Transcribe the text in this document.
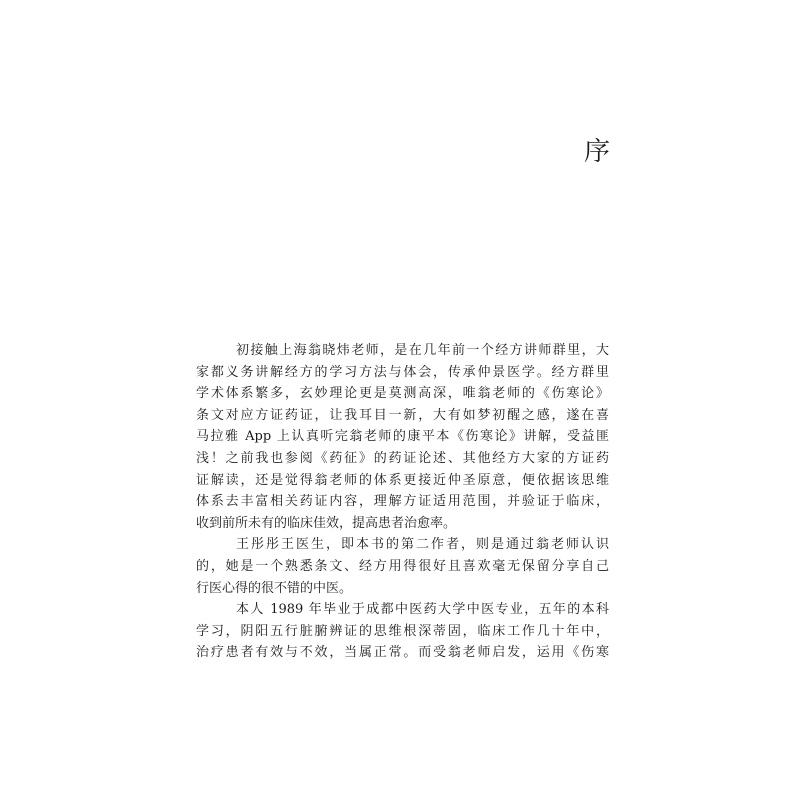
序
初接触上海翁晓炜老师，是在几年前一个经方讲师群里，大
家都义务讲解经方的学习方法与体会，传承仲景医学。经方群里
学术体系繁多，玄妙理论更是莫测高深，唯翁老师的《伤寒论》
条文对应方证药证，让我耳目一新，大有如梦初醒之感，遂在喜
马拉雅 App 上认真听完翁老师的康平本《伤寒论》讲解，受益匪
浅！之前我也参阅《药征》的药证论述、其他经方大家的方证药
证解读，还是觉得翁老师的体系更接近仲圣原意，便依据该思维
体系去丰富相关药证内容，理解方证适用范围，并验证于临床，
收到前所未有的临床佳效，提高患者治愈率。
王彤彤王医生，即本书的第二作者，则是通过翁老师认识
的，她是一个熟悉条文、经方用得很好且喜欢毫无保留分享自己
行医心得的很不错的中医。
本人 1989 年毕业于成都中医药大学中医专业，五年的本科
学习，阴阳五行脏腑辨证的思维根深蒂固，临床工作几十年中，
治疗患者有效与不效，当属正常。而受翁老师启发，运用《伤寒
